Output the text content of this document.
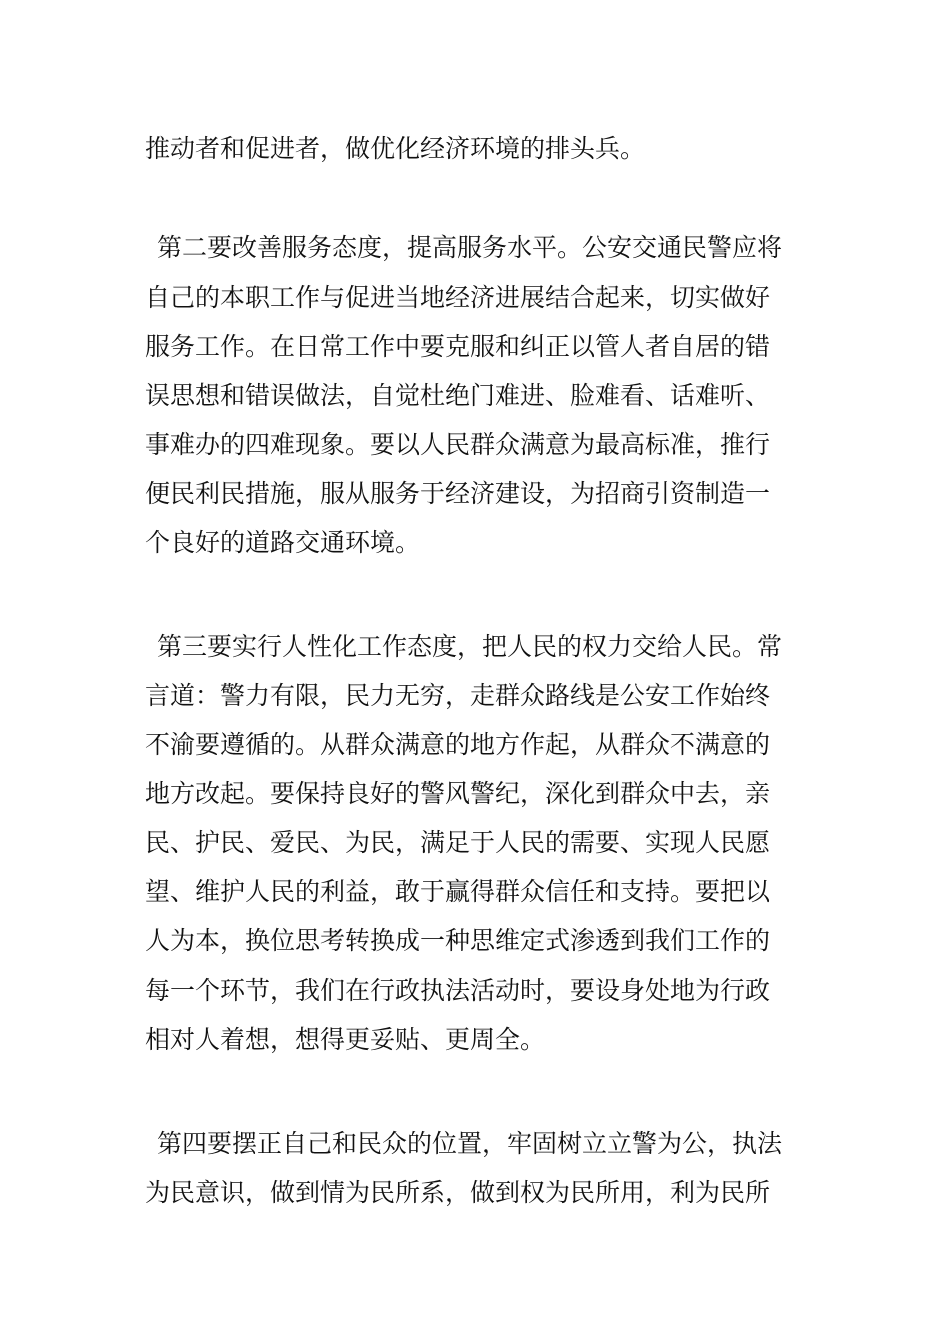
推动者和促进者，做优化经济环境的排头兵。
第二要改善服务态度，提高服务水平。公安交通民警应将
自己的本职工作与促进当地经济进展结合起来，切实做好
服务工作。在日常工作中要克服和纠正以管人者自居的错
误思想和错误做法，自觉杜绝门难进、脸难看、话难听、
事难办的四难现象。要以人民群众满意为最高标准，推行
便民利民措施，服从服务于经济建设，为招商引资制造一
个良好的道路交通环境。
第三要实行人性化工作态度，把人民的权力交给人民。常
言道：警力有限，民力无穷，走群众路线是公安工作始终
不渝要遵循的。从群众满意的地方作起，从群众不满意的
地方改起。要保持良好的警风警纪，深化到群众中去，亲
民、护民、爱民、为民，满足于人民的需要、实现人民愿
望、维护人民的利益，敢于赢得群众信任和支持。要把以
人为本，换位思考转换成一种思维定式渗透到我们工作的
每一个环节，我们在行政执法活动时，要设身处地为行政
相对人着想，想得更妥贴、更周全。
第四要摆正自己和民众的位置，牢固树立立警为公，执法
为民意识，做到情为民所系，做到权为民所用，利为民所
